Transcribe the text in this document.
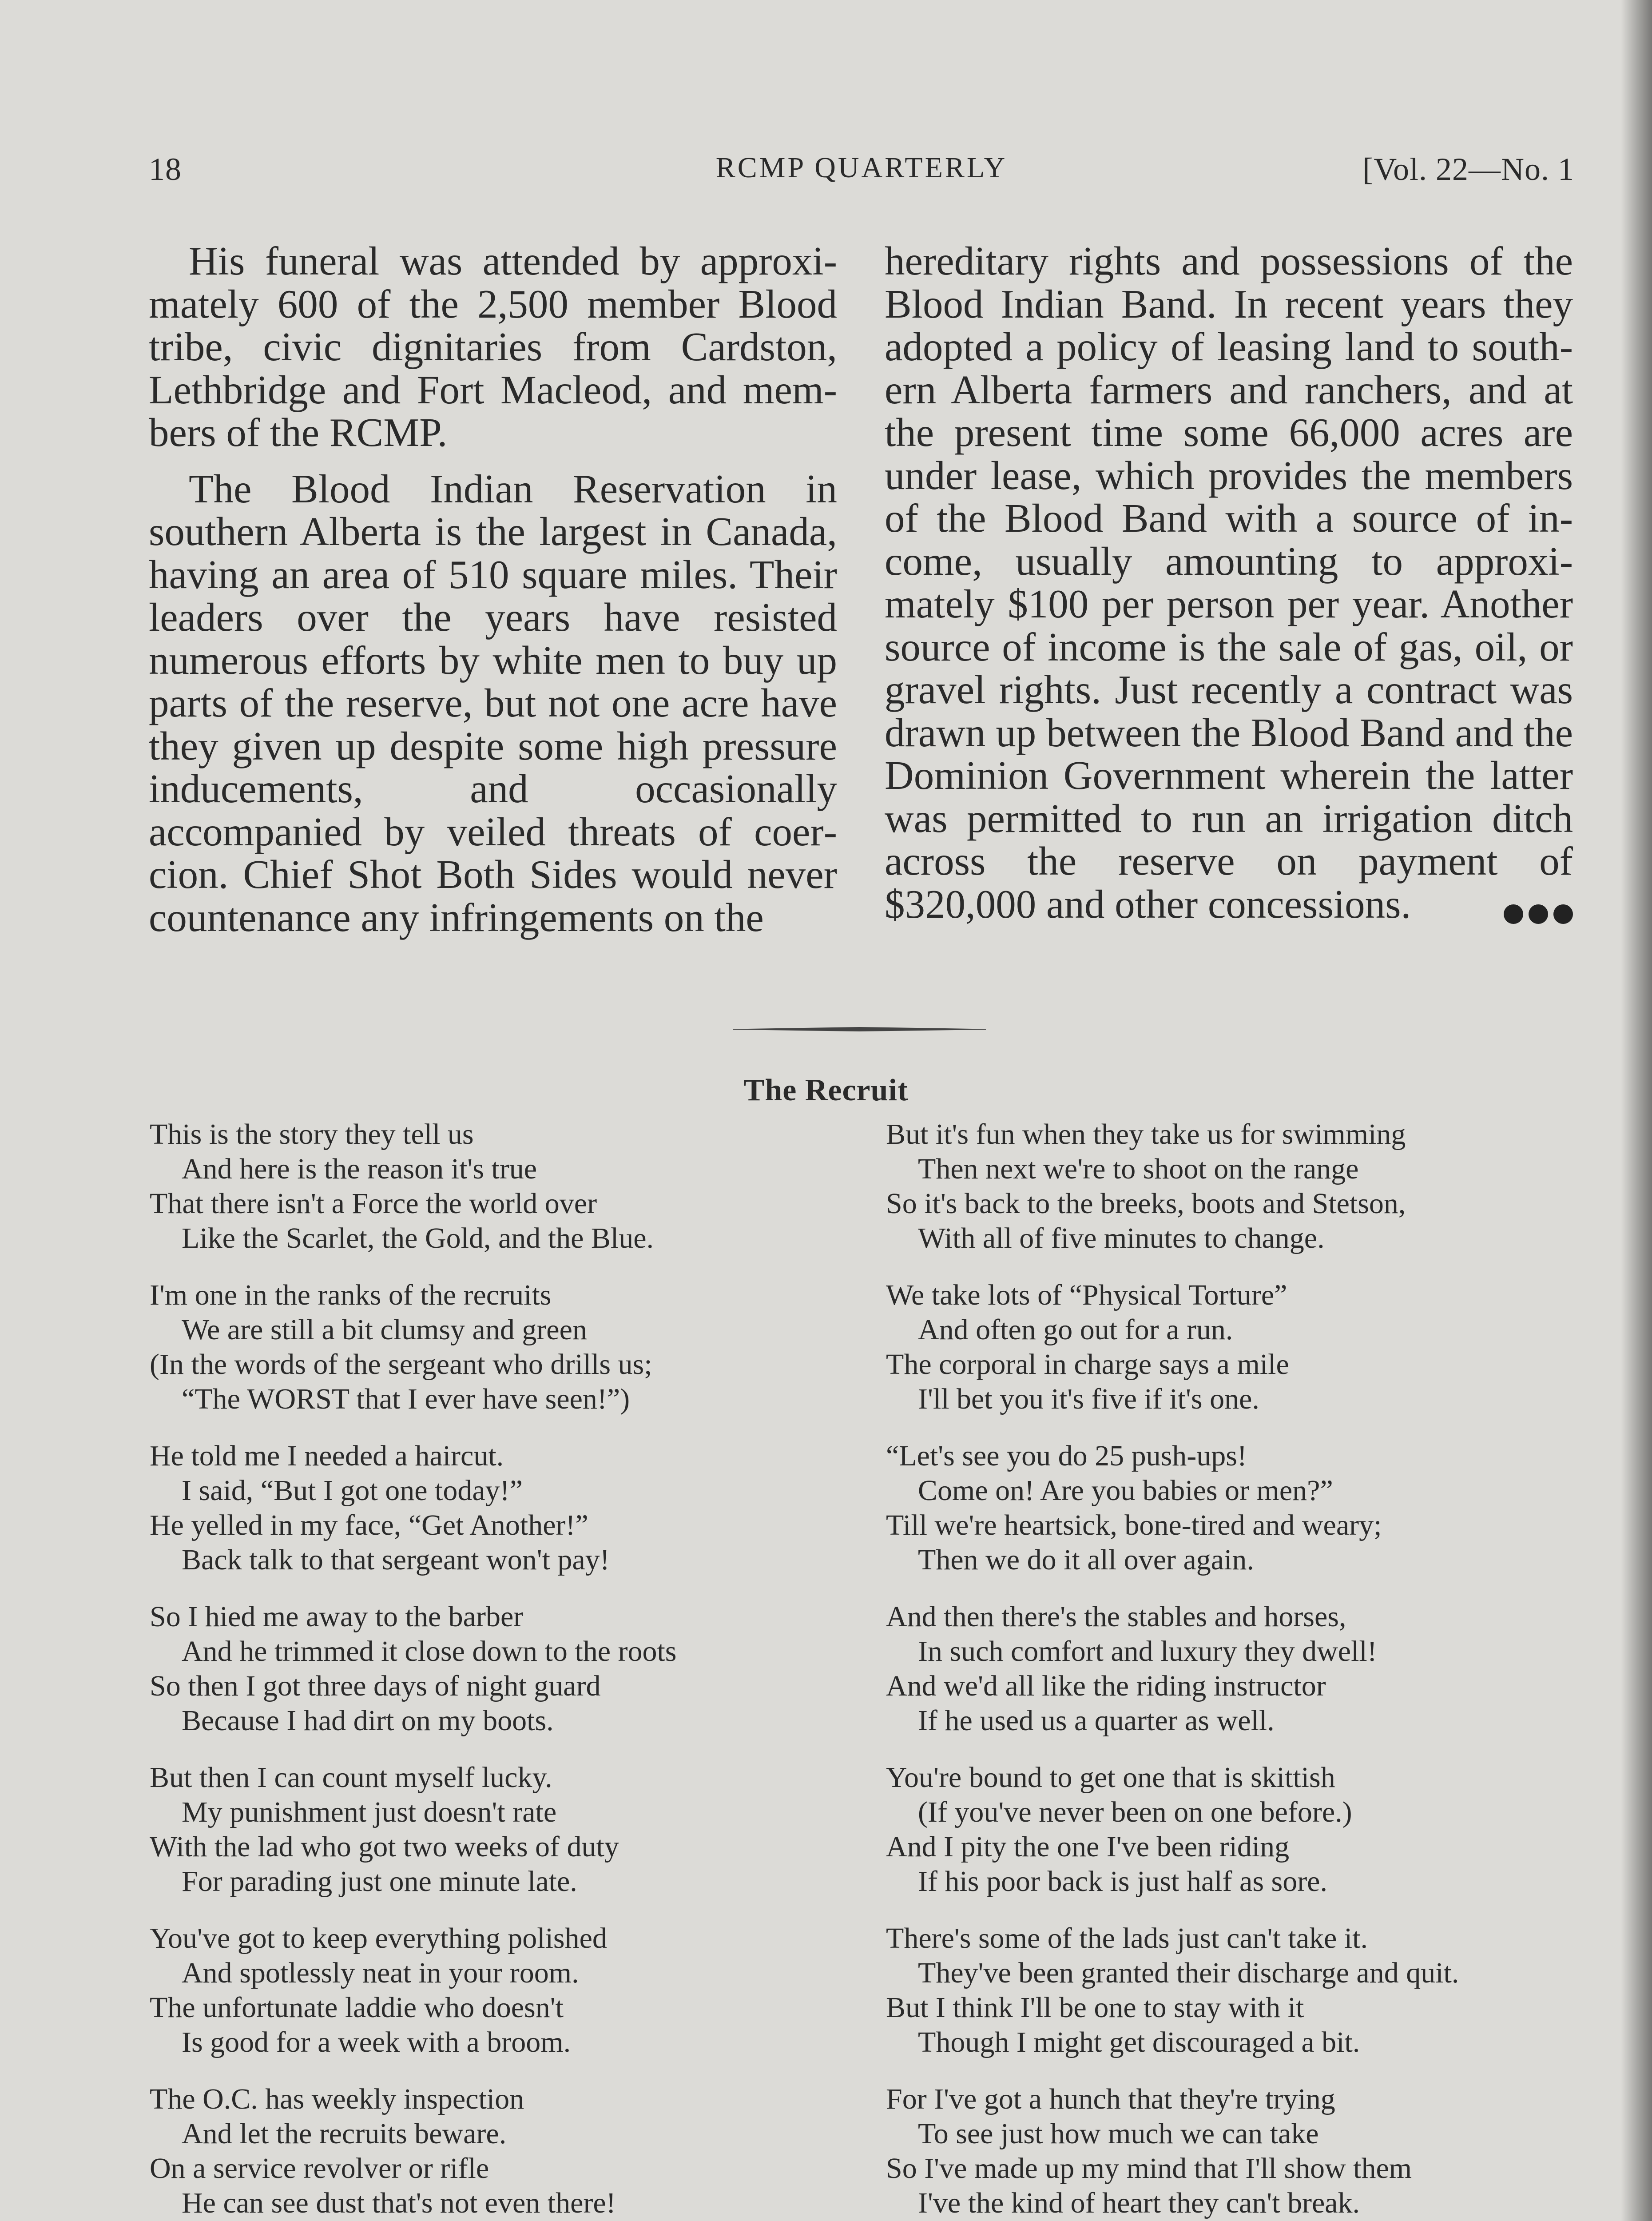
18	RCMP QUARTERLY	[Vol. 22—No. 1

His funeral was attended by approximately 600 of the 2,500 member Blood tribe, civic dignitaries from Cardston, Lethbridge and Fort Macleod, and members of the RCMP.

The Blood Indian Reservation in southern Alberta is the largest in Canada, having an area of 510 square miles. Their leaders over the years have resisted numerous efforts by white men to buy up parts of the reserve, but not one acre have they given up despite some high pressure inducements, and occasionally accompanied by veiled threats of coercion. Chief Shot Both Sides would never countenance any infringements on the

hereditary rights and possessions of the Blood Indian Band. In recent years they adopted a policy of leasing land to southern Alberta farmers and ranchers, and at the present time some 66,000 acres are under lease, which provides the members of the Blood Band with a source of income, usually amounting to approximately $100 per person per year. Another source of income is the sale of gas, oil, or gravel rights. Just recently a contract was drawn up between the Blood Band and the Dominion Government wherein the latter was permitted to run an irrigation ditch across the reserve on payment of $320,000 and other concessions.

The Recruit
This is the story they tell us
And here is the reason it's true
That there isn't a Force the world over
Like the Scarlet, the Gold, and the Blue.
I'm one in the ranks of the recruits
We are still a bit clumsy and green
(In the words of the sergeant who drills us;
“The WORST that I ever have seen!”)
He told me I needed a haircut.
I said, “But I got one today!”
He yelled in my face, “Get Another!”
Back talk to that sergeant won't pay!
So I hied me away to the barber
And he trimmed it close down to the roots
So then I got three days of night guard
Because I had dirt on my boots.
But then I can count myself lucky.
My punishment just doesn't rate
With the lad who got two weeks of duty
For parading just one minute late.
You've got to keep everything polished
And spotlessly neat in your room.
The unfortunate laddie who doesn't
Is good for a week with a broom.
The O.C. has weekly inspection
And let the recruits beware.
On a service revolver or rifle
He can see dust that's not even there!
But it's fun when they take us for swimming
Then next we're to shoot on the range
So it's back to the breeks, boots and Stetson,
With all of five minutes to change.
We take lots of “Physical Torture”
And often go out for a run.
The corporal in charge says a mile
I'll bet you it's five if it's one.
“Let's see you do 25 push-ups!
Come on! Are you babies or men?”
Till we're heartsick, bone-tired and weary;
Then we do it all over again.
And then there's the stables and horses,
In such comfort and luxury they dwell!
And we'd all like the riding instructor
If he used us a quarter as well.
You're bound to get one that is skittish
(If you've never been on one before.)
And I pity the one I've been riding
If his poor back is just half as sore.
There's some of the lads just can't take it.
They've been granted their discharge and quit.
But I think I'll be one to stay with it
Though I might get discouraged a bit.
For I've got a hunch that they're trying
To see just how much we can take
So I've made up my mind that I'll show them
I've the kind of heart they can't break.
